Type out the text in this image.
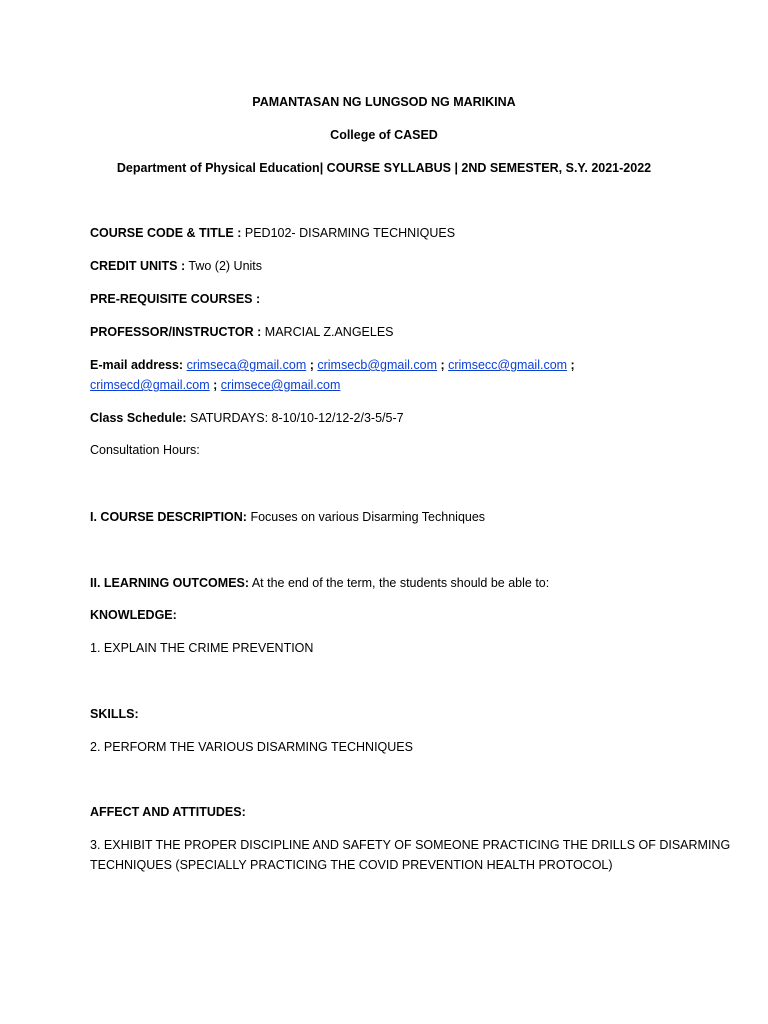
PAMANTASAN NG LUNGSOD NG MARIKINA
College of CASED
Department of Physical Education| COURSE SYLLABUS | 2ND SEMESTER, S.Y. 2021-2022
COURSE CODE & TITLE : PED102- DISARMING TECHNIQUES
CREDIT UNITS : Two (2) Units
PRE-REQUISITE COURSES :
PROFESSOR/INSTRUCTOR : MARCIAL Z.ANGELES
E-mail address: crimseca@gmail.com ; crimsecb@gmail.com ; crimsecc@gmail.com ;
crimsecd@gmail.com ; crimsece@gmail.com
Class Schedule: SATURDAYS: 8-10/10-12/12-2/3-5/5-7
Consultation Hours:
I. COURSE DESCRIPTION: Focuses on various Disarming Techniques
II. LEARNING OUTCOMES: At the end of the term, the students should be able to:
KNOWLEDGE:
1. EXPLAIN THE CRIME PREVENTION
SKILLS:
2. PERFORM THE VARIOUS DISARMING TECHNIQUES
AFFECT AND ATTITUDES:
3. EXHIBIT THE PROPER DISCIPLINE AND SAFETY OF SOMEONE PRACTICING THE DRILLS OF DISARMING
TECHNIQUES (SPECIALLY PRACTICING THE COVID PREVENTION HEALTH PROTOCOL)
